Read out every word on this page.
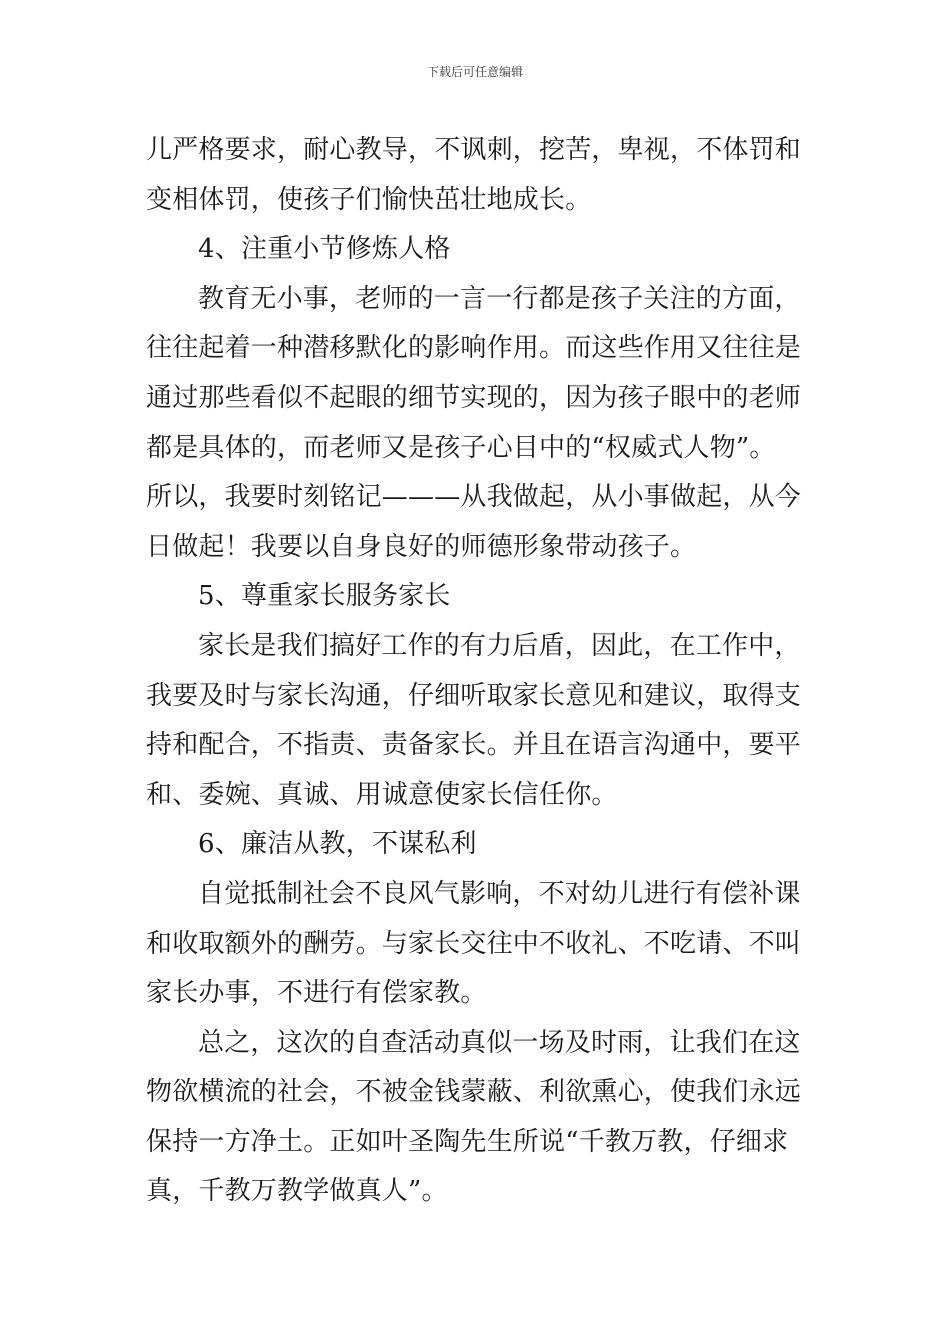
下载后可任意编辑

儿严格要求，耐心教导，不讽刺，挖苦，卑视，不体罚和

变相体罚，使孩子们愉快茁壮地成长。

4、注重小节修炼人格

教育无小事，老师的一言一行都是孩子关注的方面，

往往起着一种潜移默化的影响作用。而这些作用又往往是

通过那些看似不起眼的细节实现的，因为孩子眼中的老师

都是具体的，而老师又是孩子心目中的“权威式人物”。

所以，我要时刻铭记———从我做起，从小事做起，从今

日做起！我要以自身良好的师德形象带动孩子。

5、尊重家长服务家长

家长是我们搞好工作的有力后盾，因此，在工作中，

我要及时与家长沟通，仔细听取家长意见和建议，取得支

持和配合，不指责、责备家长。并且在语言沟通中，要平

和、委婉、真诚、用诚意使家长信任你。

6、廉洁从教，不谋私利

自觉抵制社会不良风气影响，不对幼儿进行有偿补课

和收取额外的酬劳。与家长交往中不收礼、不吃请、不叫

家长办事，不进行有偿家教。

总之，这次的自查活动真似一场及时雨，让我们在这

物欲横流的社会，不被金钱蒙蔽、利欲熏心，使我们永远

保持一方净土。正如叶圣陶先生所说“千教万教，仔细求

真，千教万教学做真人”。
